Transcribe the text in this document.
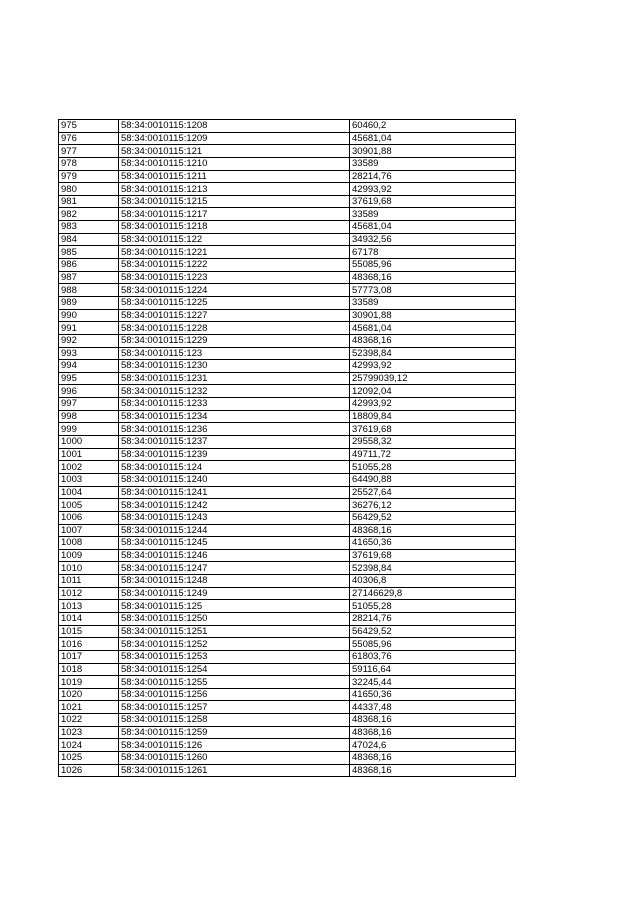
975	58:34:0010115:1208	60460,2
976	58:34:0010115:1209	45681,04
977	58:34:0010115:121	30901,88
978	58:34:0010115:1210	33589
979	58:34:0010115:1211	28214,76
980	58:34:0010115:1213	42993,92
981	58:34:0010115:1215	37619,68
982	58:34:0010115:1217	33589
983	58:34:0010115:1218	45681,04
984	58:34:0010115:122	34932,56
985	58:34:0010115:1221	67178
986	58:34:0010115:1222	55085,96
987	58:34:0010115:1223	48368,16
988	58:34:0010115:1224	57773,08
989	58:34:0010115:1225	33589
990	58:34:0010115:1227	30901,88
991	58:34:0010115:1228	45681,04
992	58:34:0010115:1229	48368,16
993	58:34:0010115:123	52398,84
994	58:34:0010115:1230	42993,92
995	58:34:0010115:1231	25799039,12
996	58:34:0010115:1232	12092,04
997	58:34:0010115:1233	42993,92
998	58:34:0010115:1234	18809,84
999	58:34:0010115:1236	37619,68
1000	58:34:0010115:1237	29558,32
1001	58:34:0010115:1239	49711,72
1002	58:34:0010115:124	51055,28
1003	58:34:0010115:1240	64490,88
1004	58:34:0010115:1241	25527,64
1005	58:34:0010115:1242	36276,12
1006	58:34:0010115:1243	56429,52
1007	58:34:0010115:1244	48368,16
1008	58:34:0010115:1245	41650,36
1009	58:34:0010115:1246	37619,68
1010	58:34:0010115:1247	52398,84
1011	58:34:0010115:1248	40306,8
1012	58:34:0010115:1249	27146629,8
1013	58:34:0010115:125	51055,28
1014	58:34:0010115:1250	28214,76
1015	58:34:0010115:1251	56429,52
1016	58:34:0010115:1252	55085,96
1017	58:34:0010115:1253	61803,76
1018	58:34:0010115:1254	59116,64
1019	58:34:0010115:1255	32245,44
1020	58:34:0010115:1256	41650,36
1021	58:34:0010115:1257	44337,48
1022	58:34:0010115:1258	48368,16
1023	58:34:0010115:1259	48368,16
1024	58:34:0010115:126	47024,6
1025	58:34:0010115:1260	48368,16
1026	58:34:0010115:1261	48368,16
